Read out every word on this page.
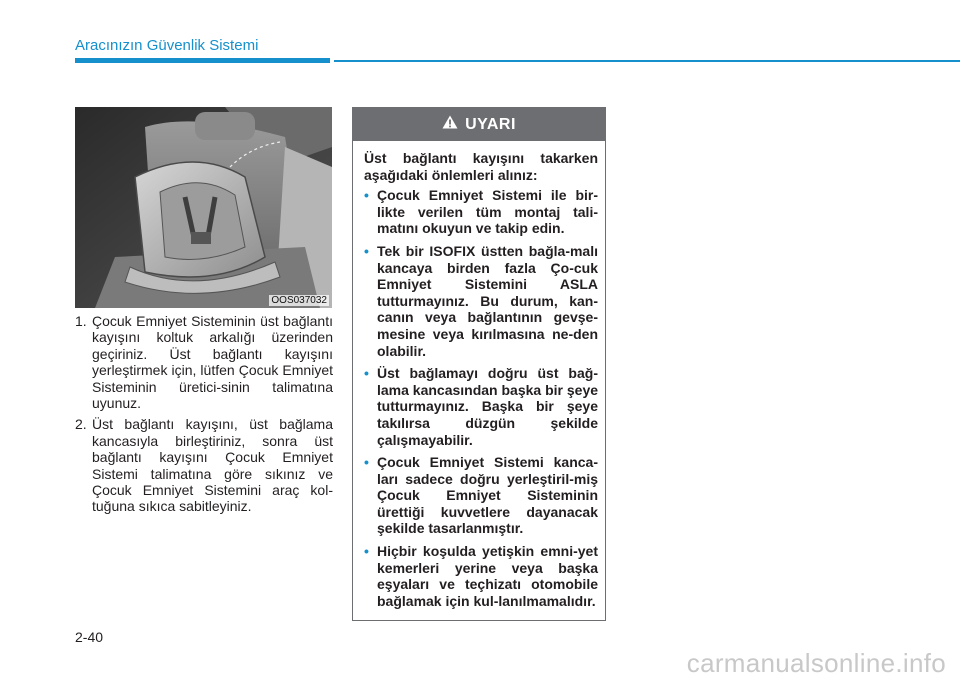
Aracınızın Güvenlik Sistemi
OOS037032
1. Çocuk Emniyet Sisteminin üst bağlantı kayışını koltuk arkalığı üzerinden geçiriniz. Üst bağlantı kayışını yerleştirmek için, lütfen Çocuk Emniyet Sisteminin üretici-sinin talimatına uyunuz.
2. Üst bağlantı kayışını, üst bağlama kancasıyla birleştiriniz, sonra üst bağlantı kayışını Çocuk Emniyet Sistemi talimatına göre sıkınız ve Çocuk Emniyet Sistemini araç kol-tuğuna sıkıca sabitleyiniz.
UYARI

Üst bağlantı kayışını takarken aşağıdaki önlemleri alınız:

• Çocuk Emniyet Sistemi ile bir-likte verilen tüm montaj tali-matını okuyun ve takip edin.
• Tek bir ISOFIX üstten bağla-malı kancaya birden fazla Ço-cuk Emniyet Sistemini ASLA tutturmayınız. Bu durum, kan-canın veya bağlantının gevşe-mesine veya kırılmasına ne-den olabilir.
• Üst bağlamayı doğru üst bağ-lama kancasından başka bir şeye tutturmayınız. Başka bir şeye takılırsa düzgün şekilde çalışmayabilir.
• Çocuk Emniyet Sistemi kanca-ları sadece doğru yerleştiril-miş Çocuk Emniyet Sisteminin ürettiği kuvvetlere dayanacak şekilde tasarlanmıştır.
• Hiçbir koşulda yetişkin emni-yet kemerleri yerine veya başka eşyaları ve teçhizatı otomobile bağlamak için kul-lanılmamalıdır.
2-40
carmanualsonline.info
